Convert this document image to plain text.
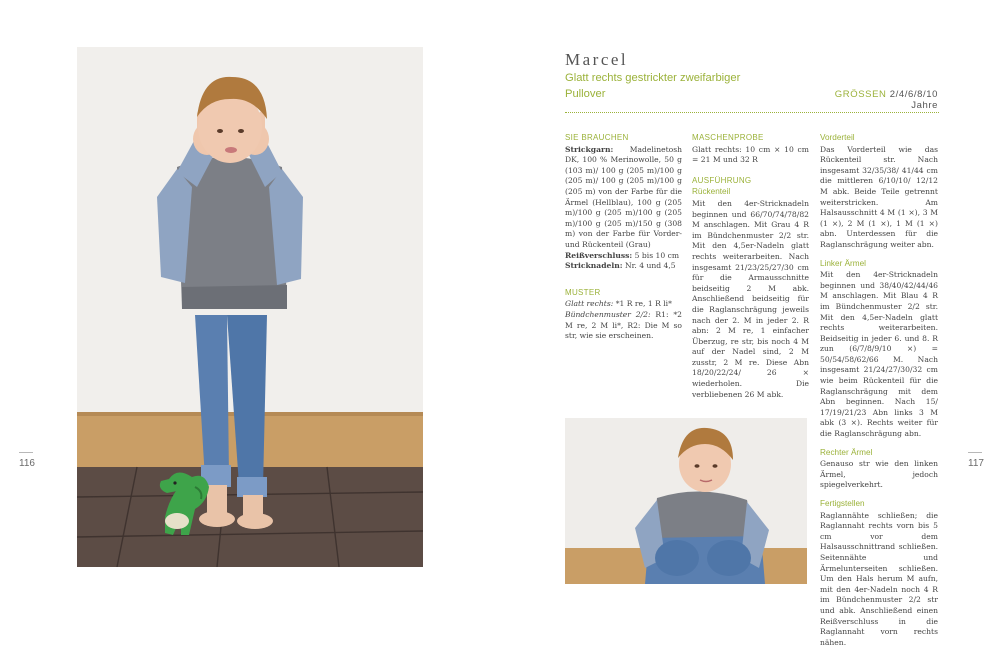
116	117
Marcel
Glatt rechts gestrickter zweifarbiger Pullover	GRÖSSEN 2/4/6/8/10 Jahre
SIE BRAUCHEN

Strickgarn: Madelinetosh DK, 100 % Merinowolle, 50 g (103 m)/ 100 g (205 m)/100 g (205 m)/ 100 g (205 m)/100 g (205 m) von der Farbe für die Ärmel (Hellblau), 100 g (205 m)/100 g (205 m)/100 g (205 m)/100 g (205 m)/150 g (308 m) von der Farbe für Vorder- und Rückenteil (Grau)

Reißverschluss: 5 bis 10 cm

Stricknadeln: Nr. 4 und 4,5

MUSTER

Glatt rechts: *1 R re, 1 R li*

Bündchenmuster 2/2: R1: *2 M re, 2 M li*, R2: Die M so str, wie sie erscheinen.

MASCHENPROBE

Glatt rechts: 10 cm × 10 cm = 21 M und 32 R

AUSFÜHRUNG
Rückenteil

Mit den 4er-Stricknadeln beginnen und 66/70/74/78/82 M anschlagen. Mit Grau 4 R im Bündchenmuster 2/2 str. Mit den 4,5er-Nadeln glatt rechts weiterarbeiten. Nach insgesamt 21/23/25/27/30 cm für die Armausschnitte beidseitig 2 M abk. Anschließend beidseitig für die Raglanschrägung jeweils nach der 2. M in jeder 2. R abn: 2 M re, 1 einfacher Überzug, re str, bis noch 4 M auf der Nadel sind, 2 M zusstr, 2 M re. Diese Abn 18/20/22/24/ 26 × wiederholen. Die verbliebenen 26 M abk.

Vorderteil

Das Vorderteil wie das Rückenteil str. Nach insgesamt 32/35/38/ 41/44 cm die mittleren 6/10/10/ 12/12 M abk. Beide Teile getrennt weiterstricken. Am Halsausschnitt 4 M (1 ×), 3 M (1 ×), 2 M (1 ×), 1 M (1 ×) abn. Unterdessen für die Raglanschrägung weiter abn.

Linker Ärmel

Mit den 4er-Stricknadeln beginnen und 38/40/42/44/46 M anschlagen. Mit Blau 4 R im Bündchenmuster 2/2 str. Mit den 4,5er-Nadeln glatt rechts weiterarbeiten. Beidseitig in jeder 6. und 8. R zun (6/7/8/9/10 ×) = 50/54/58/62/66 M. Nach insgesamt 21/24/27/30/32 cm wie beim Rückenteil für die Raglanschrägung mit dem Abn beginnen. Nach 15/ 17/19/21/23 Abn links 3 M abk (3 ×). Rechts weiter für die Raglanschrägung abn.

Rechter Ärmel

Genauso str wie den linken Ärmel, jedoch spiegelverkehrt.

Fertigstellen

Raglannähte schließen; die Raglannaht rechts vorn bis 5 cm vor dem Halsausschnittrand schließen. Seitennähte und Ärmelunterseiten schließen. Um den Hals herum M aufn, mit den 4er-Nadeln noch 4 R im Bündchenmuster 2/2 str und abk. Anschließend einen Reißverschluss in die Raglannaht vorn rechts nähen.
